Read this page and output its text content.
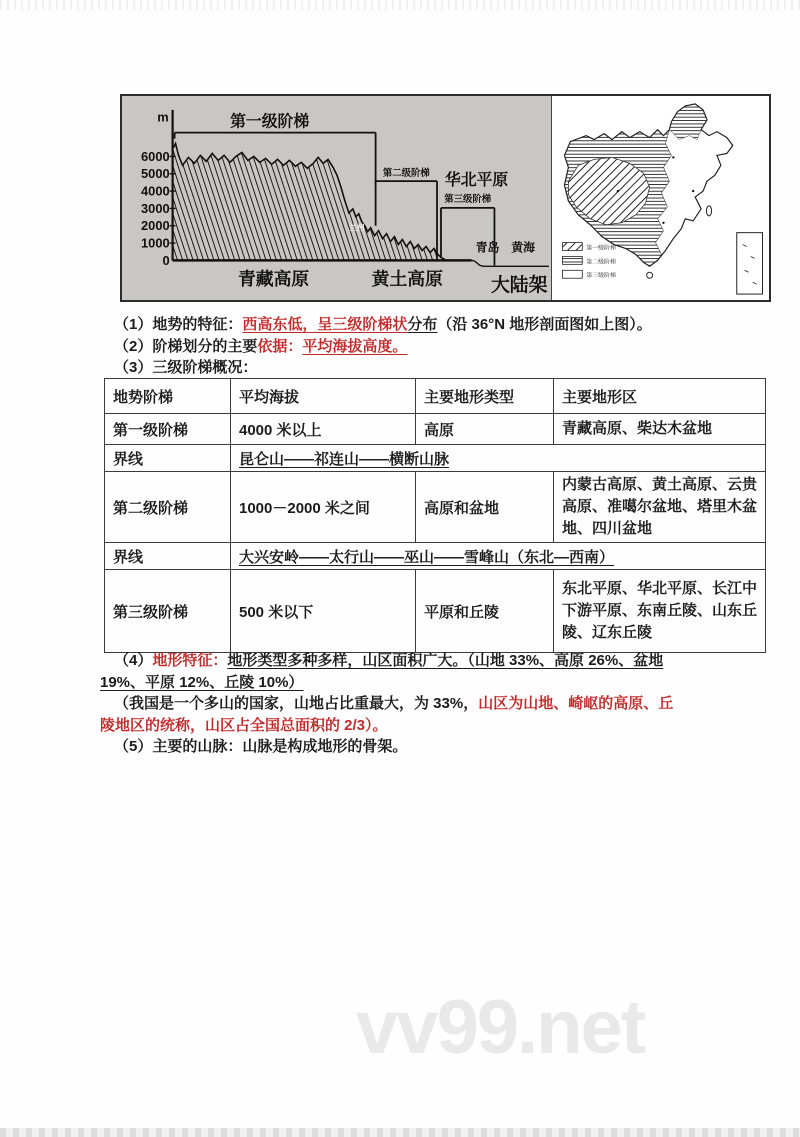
m
6000
5000
4000
3000
2000
1000
0
第一级阶梯
第二级阶梯
第三级阶梯
华北平原
兰州
青岛 黄海
青藏高原	黄土高原	大陆架
第一级阶梯
第二级阶梯
第三级阶梯
（1）地势的特征：西高东低，呈三级阶梯状分布（沿 36°N 地形剖面图如上图）。
（2）阶梯划分的主要依据：平均海拔高度。
（3）三级阶梯概况：
地势阶梯	平均海拔	主要地形类型	主要地形区
第一级阶梯	4000 米以上	高原	青藏高原、柴达木盆地
界线	昆仑山——祁连山——横断山脉		
第二级阶梯	1000－2000 米之间	高原和盆地	内蒙古高原、黄土高原、云贵高原、准噶尔盆地、塔里木盆地、四川盆地
界线	大兴安岭——太行山——巫山——雪峰山（东北—西南）		
第三级阶梯	500 米以下	平原和丘陵	东北平原、华北平原、长江中下游平原、东南丘陵、山东丘陵、辽东丘陵
（4）地形特征：地形类型多种多样，山区面积广大。（山地 33%、高原 26%、盆地
19%、平原 12%、丘陵 10%）
（我国是一个多山的国家，山地占比重最大，为 33%，山区为山地、崎岖的高原、丘
陵地区的统称，山区占全国总面积的 2/3）。
（5）主要的山脉：山脉是构成地形的骨架。
vv99.net
